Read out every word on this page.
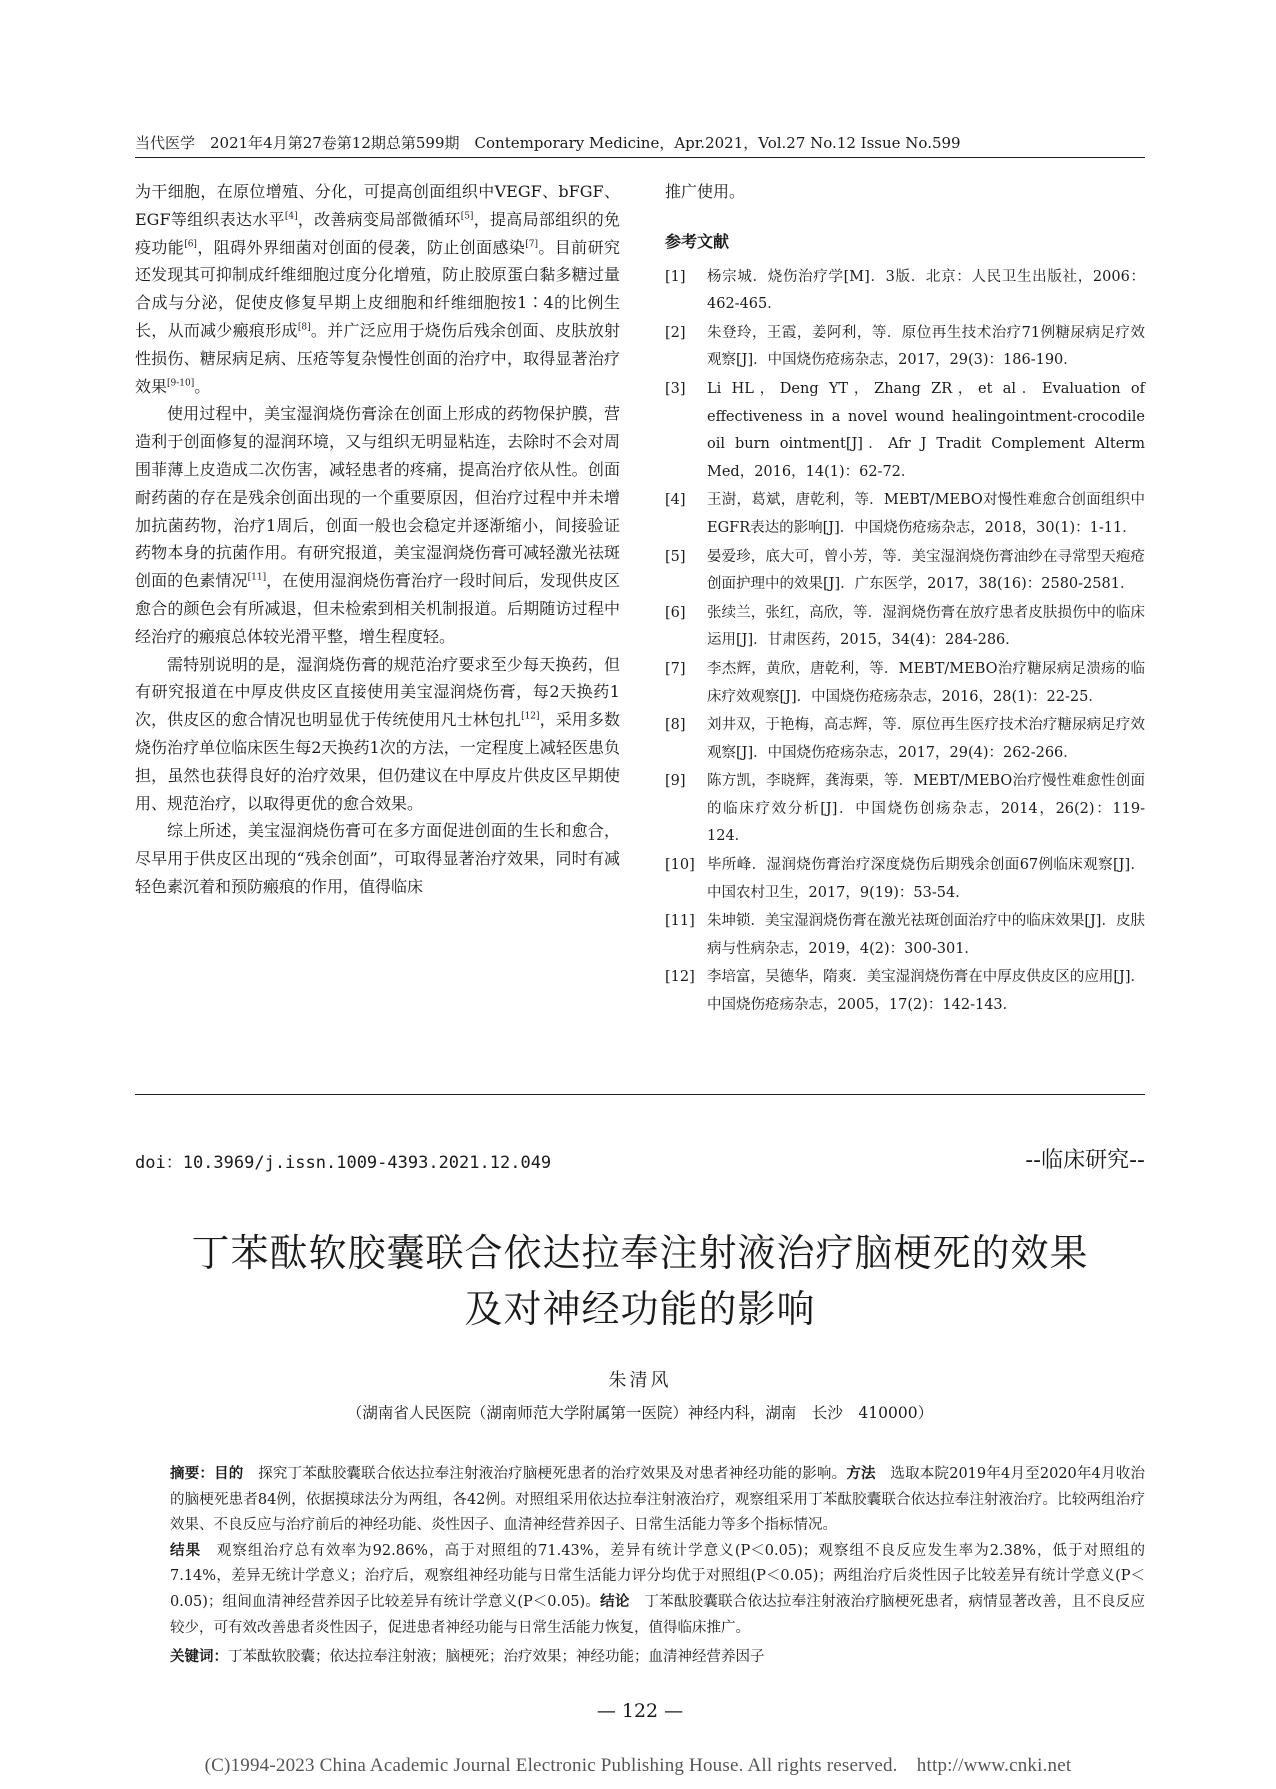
当代医学　2021年4月第27卷第12期总第599期　Contemporary Medicine，Apr.2021，Vol.27 No.12 Issue No.599

为干细胞，在原位增殖、分化，可提高创面组织中VEGF、bFGF、EGF等组织表达水平[4]，改善病变局部微循环[5]，提高局部组织的免疫功能[6]，阻碍外界细菌对创面的侵袭，防止创面感染[7]。目前研究还发现其可抑制成纤维细胞过度分化增殖，防止胶原蛋白黏多糖过量合成与分泌，促使皮修复早期上皮细胞和纤维细胞按1∶4的比例生长，从而减少瘢痕形成[8]。并广泛应用于烧伤后残余创面、皮肤放射性损伤、糖尿病足病、压疮等复杂慢性创面的治疗中，取得显著治疗效果[9-10]。

使用过程中，美宝湿润烧伤膏涂在创面上形成的药物保护膜，营造利于创面修复的湿润环境，又与组织无明显粘连，去除时不会对周围菲薄上皮造成二次伤害，减轻患者的疼痛，提高治疗依从性。创面耐药菌的存在是残余创面出现的一个重要原因，但治疗过程中并未增加抗菌药物，治疗1周后，创面一般也会稳定并逐渐缩小，间接验证药物本身的抗菌作用。有研究报道，美宝湿润烧伤膏可减轻激光祛斑创面的色素情况[11]，在使用湿润烧伤膏治疗一段时间后，发现供皮区愈合的颜色会有所减退，但未检索到相关机制报道。后期随访过程中经治疗的瘢痕总体较光滑平整，增生程度轻。

需特别说明的是，湿润烧伤膏的规范治疗要求至少每天换药，但有研究报道在中厚皮供皮区直接使用美宝湿润烧伤膏，每2天换药1次，供皮区的愈合情况也明显优于传统使用凡士林包扎[12]，采用多数烧伤治疗单位临床医生每2天换药1次的方法，一定程度上减轻医患负担，虽然也获得良好的治疗效果，但仍建议在中厚皮片供皮区早期使用、规范治疗，以取得更优的愈合效果。

综上所述，美宝湿润烧伤膏可在多方面促进创面的生长和愈合，尽早用于供皮区出现的“残余创面”，可取得显著治疗效果，同时有减轻色素沉着和预防瘢痕的作用，值得临床

推广使用。

参考文献
[1]	杨宗城．烧伤治疗学[M]．3版．北京：人民卫生出版社，2006：462-465．
[2]	朱登玲，王霞，姜阿利，等．原位再生技术治疗71例糖尿病足疗效观察[J]．中国烧伤疮疡杂志，2017，29(3)：186-190．
[3]	Li HL，Deng YT，Zhang ZR，et al．Evaluation of effectiveness in a novel wound healingointment-crocodile oil burn ointment[J]．Afr J Tradit Complement Alterm Med，2016，14(1)：62-72．
[4]	王澍，葛斌，唐乾利，等．MEBT/MEBO对慢性难愈合创面组织中EGFR表达的影响[J]．中国烧伤疮疡杂志，2018，30(1)：1-11．
[5]	晏爱珍，底大可，曾小芳，等．美宝湿润烧伤膏油纱在寻常型天疱疮创面护理中的效果[J]．广东医学，2017，38(16)：2580-2581．
[6]	张续兰，张红，高欣，等．湿润烧伤膏在放疗患者皮肤损伤中的临床运用[J]．甘肃医药，2015，34(4)：284-286．
[7]	李杰辉，黄欣，唐乾利，等．MEBT/MEBO治疗糖尿病足溃疡的临床疗效观察[J]．中国烧伤疮疡杂志，2016，28(1)：22-25．
[8]	刘井双，于艳梅，高志辉，等．原位再生医疗技术治疗糖尿病足疗效观察[J]．中国烧伤疮疡杂志，2017，29(4)：262-266．
[9]	陈方凯，李晓辉，龚海栗，等．MEBT/MEBO治疗慢性难愈性创面的临床疗效分析[J]．中国烧伤创疡杂志，2014，26(2)：119-124．
[10] 毕所峰．湿润烧伤膏治疗深度烧伤后期残余创面67例临床观察[J]．中国农村卫生，2017，9(19)：53-54．
[11] 朱坤锁．美宝湿润烧伤膏在激光祛斑创面治疗中的临床效果[J]．皮肤病与性病杂志，2019，4(2)：300-301．
[12] 李培富，吴德华，隋爽．美宝湿润烧伤膏在中厚皮供皮区的应用[J]．中国烧伤疮疡杂志，2005，17(2)：142-143．
doi：10.3969/j.issn.1009-4393.2021.12.049	--临床研究--
丁苯酞软胶囊联合依达拉奉注射液治疗脑梗死的效果
及对神经功能的影响
朱清风
（湖南省人民医院（湖南师范大学附属第一医院）神经内科，湖南　长沙　410000）
摘要：目的　探究丁苯酞胶囊联合依达拉奉注射液治疗脑梗死患者的治疗效果及对患者神经功能的影响。方法　选取本院2019年4月至2020年4月收治的脑梗死患者84例，依据摸球法分为两组，各42例。对照组采用依达拉奉注射液治疗，观察组采用丁苯酞胶囊联合依达拉奉注射液治疗。比较两组治疗效果、不良反应与治疗前后的神经功能、炎性因子、血清神经营养因子、日常生活能力等多个指标情况。
结果　观察组治疗总有效率为92.86%，高于对照组的71.43%，差异有统计学意义(P＜0.05)；观察组不良反应发生率为2.38%，低于对照组的7.14%，差异无统计学意义；治疗后，观察组神经功能与日常生活能力评分均优于对照组(P＜0.05)；两组治疗后炎性因子比较差异有统计学意义(P＜0.05)；组间血清神经营养因子比较差异有统计学意义(P＜0.05)。结论　丁苯酞胶囊联合依达拉奉注射液治疗脑梗死患者，病情显著改善，且不良反应较少，可有效改善患者炎性因子，促进患者神经功能与日常生活能力恢复，值得临床推广。
关键词：丁苯酞软胶囊；依达拉奉注射液；脑梗死；治疗效果；神经功能；血清神经营养因子
— 122 —
(C)1994-2023 China Academic Journal Electronic Publishing House. All rights reserved.　http://www.cnki.net
